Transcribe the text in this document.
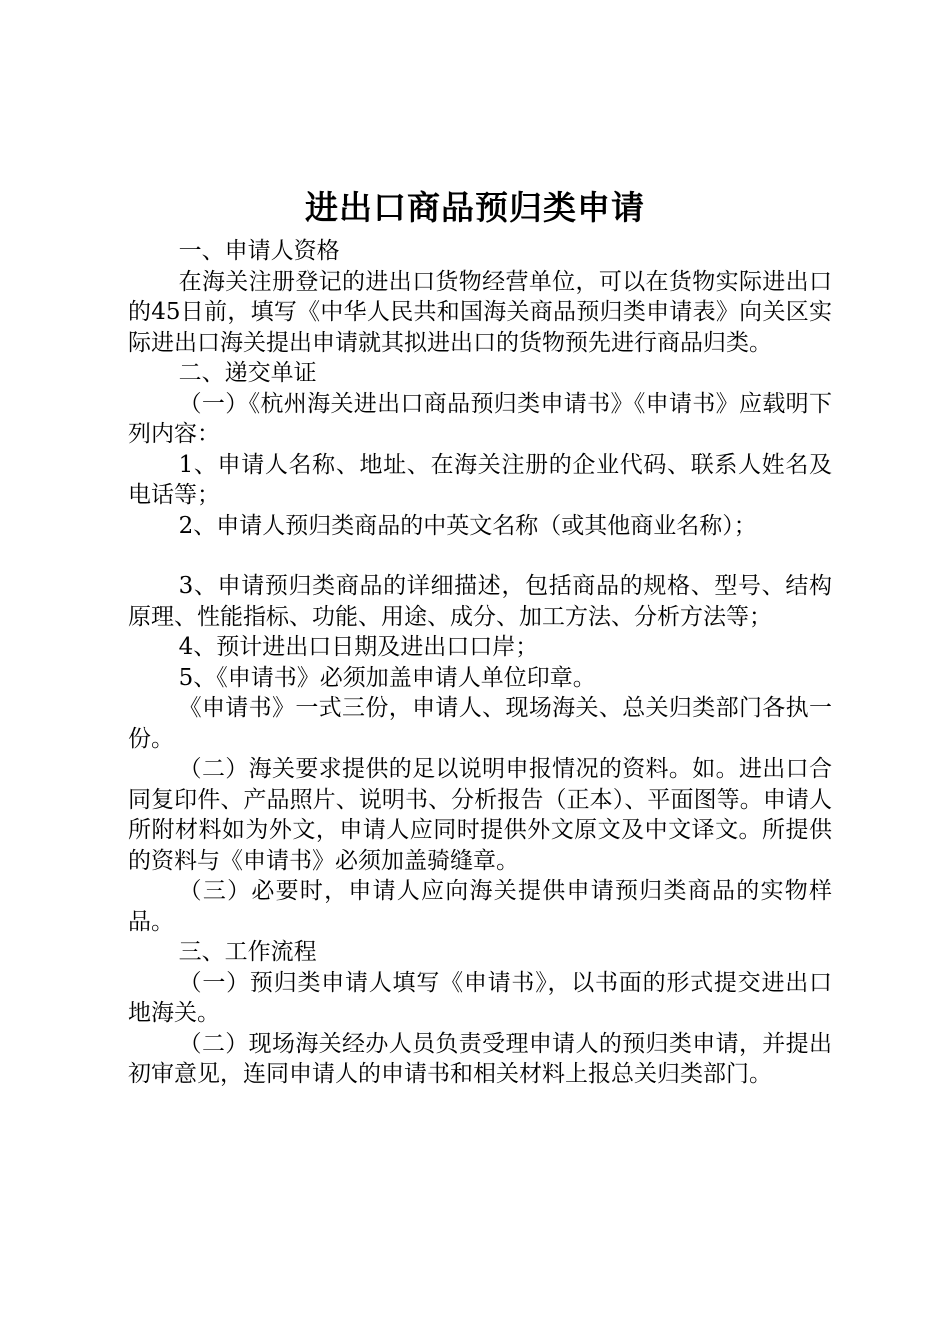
进出口商品预归类申请

一、申请人资格

在海关注册登记的进出口货物经营单位，可以在货物实际进出口的45日前，填写《中华人民共和国海关商品预归类申请表》向关区实际进出口海关提出申请就其拟进出口的货物预先进行商品归类。

二、递交单证

（一）《杭州海关进出口商品预归类申请书》《申请书》应载明下列内容：

1、申请人名称、地址、在海关注册的企业代码、联系人姓名及电话等；

2、申请人预归类商品的中英文名称（或其他商业名称）；

3、申请预归类商品的详细描述，包括商品的规格、型号、结构原理、性能指标、功能、用途、成分、加工方法、分析方法等；

4、预计进出口日期及进出口口岸；

5、《申请书》必须加盖申请人单位印章。

《申请书》一式三份，申请人、现场海关、总关归类部门各执一份。

（二）海关要求提供的足以说明申报情况的资料。如。进出口合同复印件、产品照片、说明书、分析报告（正本）、平面图等。申请人所附材料如为外文，申请人应同时提供外文原文及中文译文。所提供的资料与《申请书》必须加盖骑缝章。

（三）必要时，申请人应向海关提供申请预归类商品的实物样品。

三、工作流程

（一）预归类申请人填写《申请书》，以书面的形式提交进出口地海关。

（二）现场海关经办人员负责受理申请人的预归类申请，并提出初审意见，连同申请人的申请书和相关材料上报总关归类部门。
